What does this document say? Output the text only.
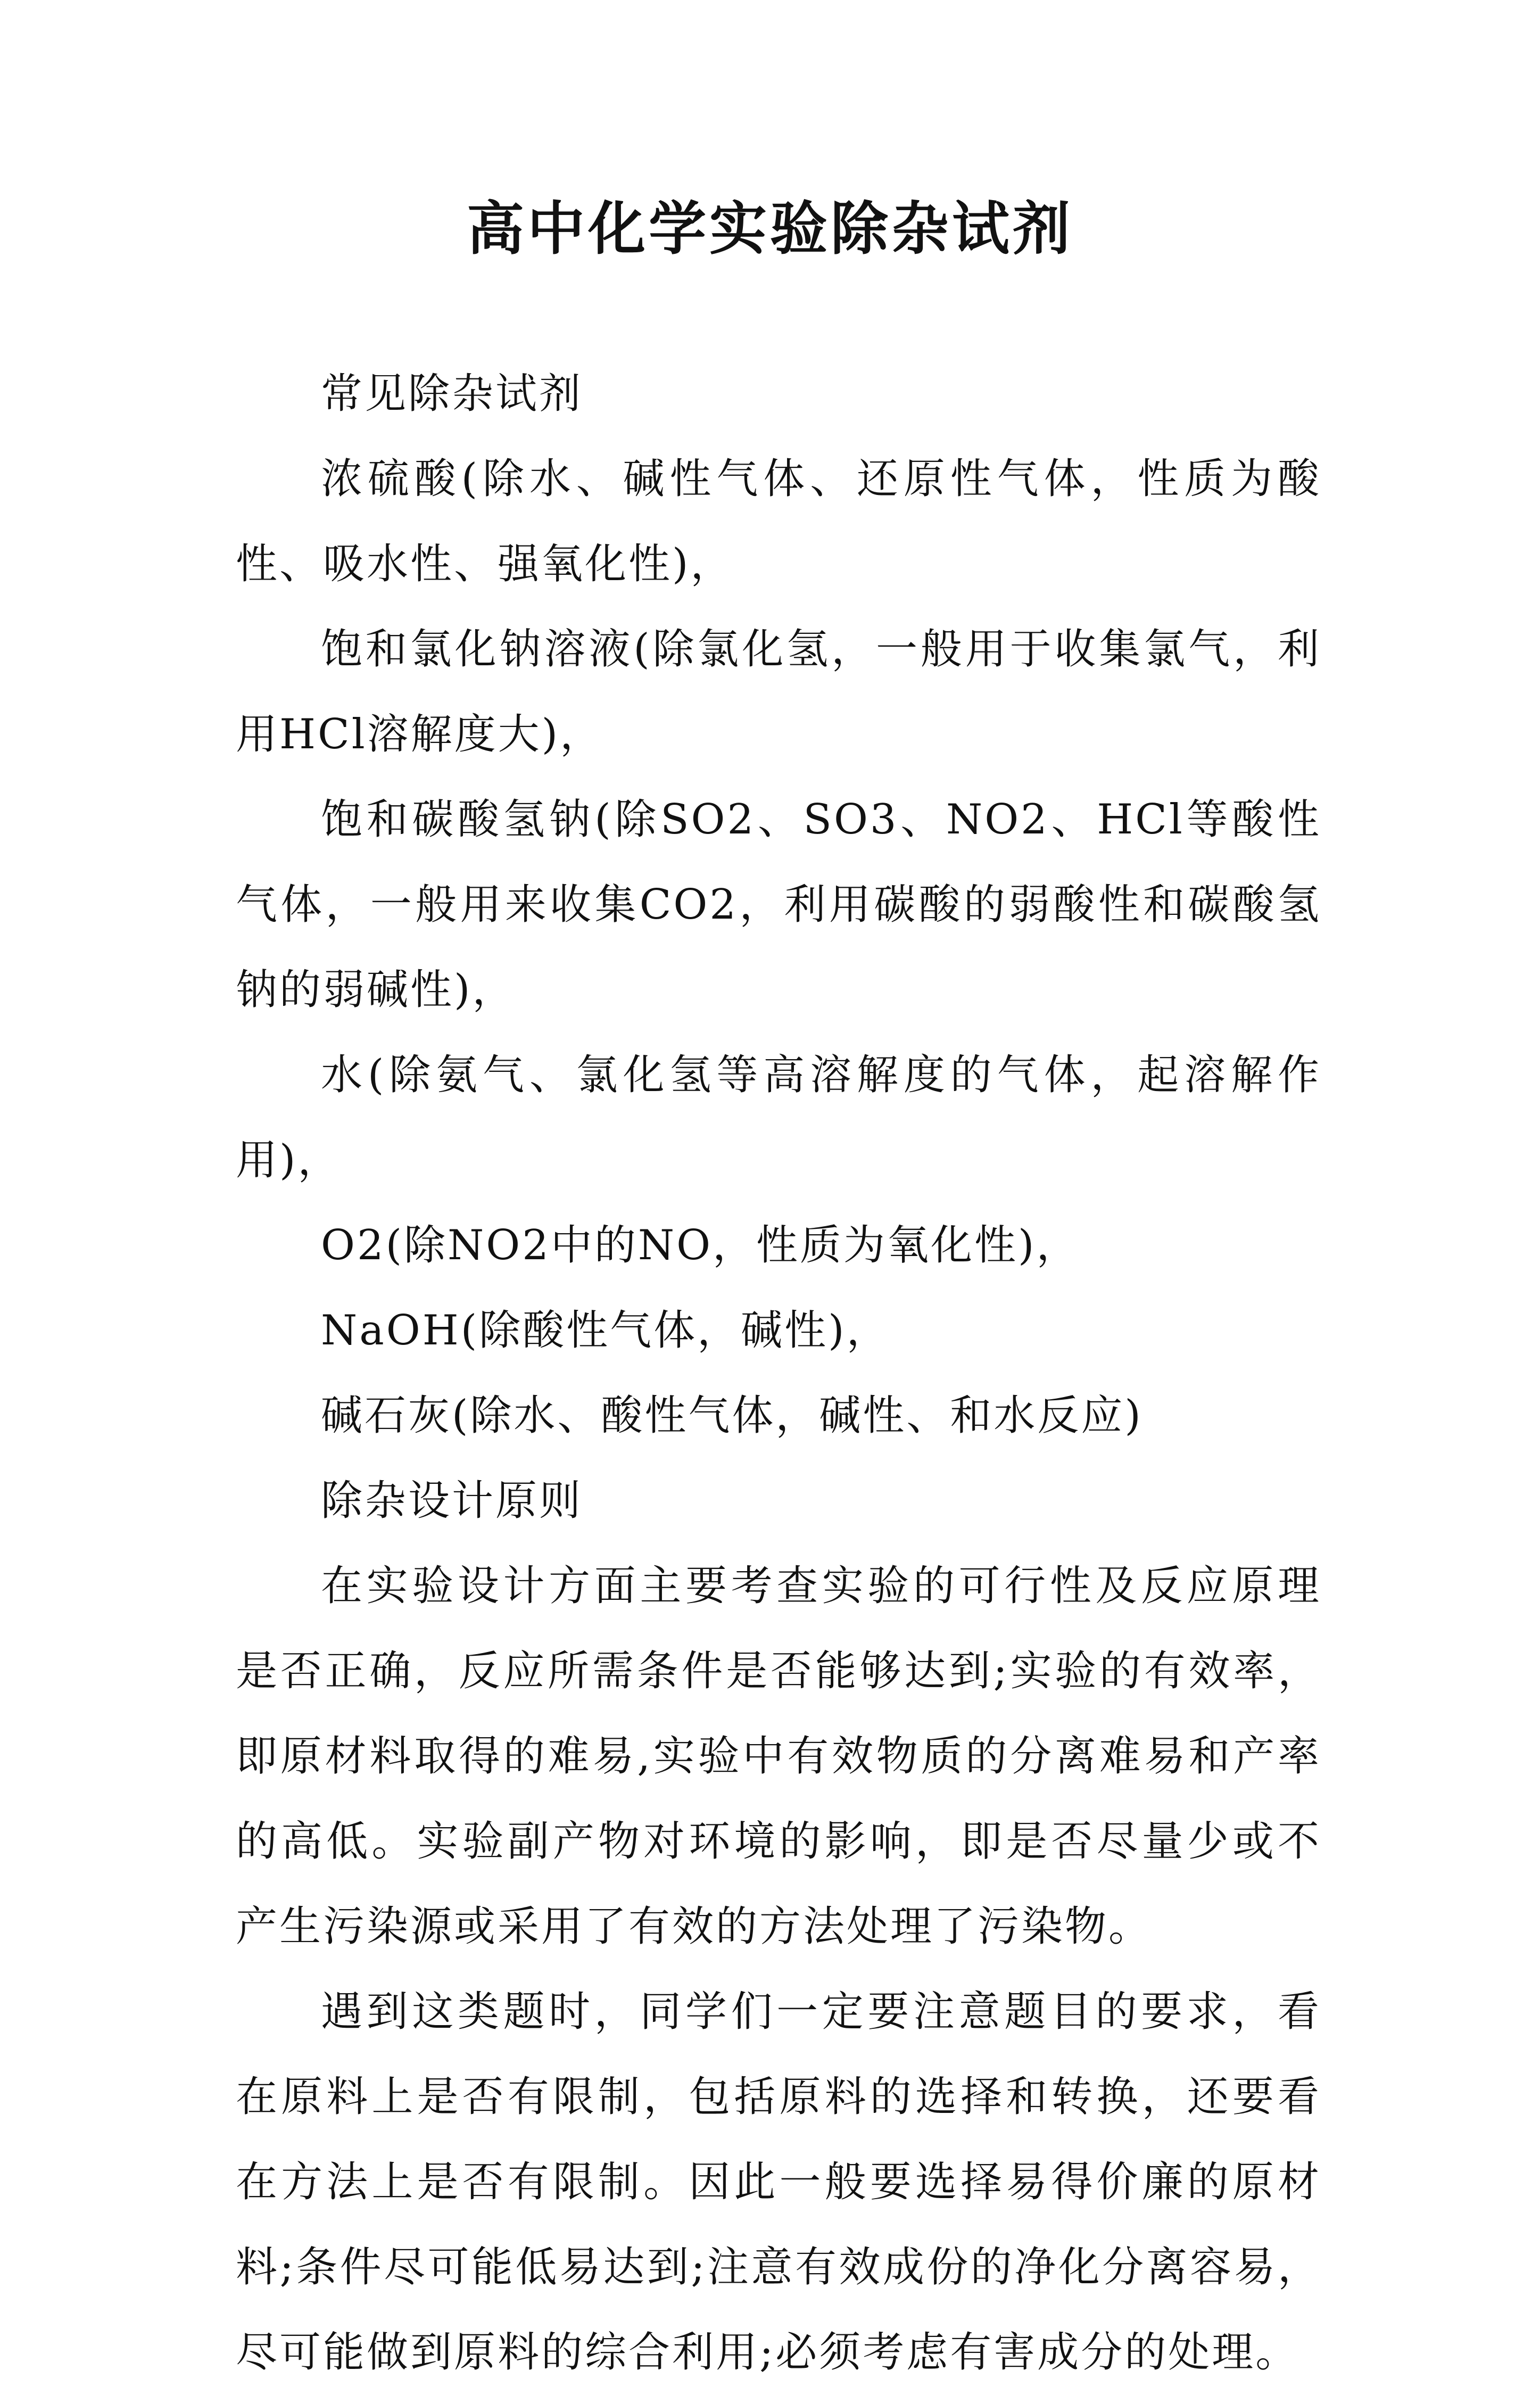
高中化学实验除杂试剂

常见除杂试剂

浓硫酸(除水、碱性气体、还原性气体，性质为酸性、吸水性、强氧化性)，

饱和氯化钠溶液(除氯化氢，一般用于收集氯气，利用HCl溶解度大)，

饱和碳酸氢钠(除SO2、SO3、NO2、HCl等酸性气体，一般用来收集CO2，利用碳酸的弱酸性和碳酸氢钠的弱碱性)，

水(除氨气、氯化氢等高溶解度的气体，起溶解作用)，

O2(除NO2中的NO，性质为氧化性)，

NaOH(除酸性气体，碱性)，

碱石灰(除水、酸性气体，碱性、和水反应)

除杂设计原则

在实验设计方面主要考查实验的可行性及反应原理是否正确，反应所需条件是否能够达到;实验的有效率，即原材料取得的难易,实验中有效物质的分离难易和产率的高低。实验副产物对环境的影响，即是否尽量少或不产生污染源或采用了有效的方法处理了污染物。

遇到这类题时，同学们一定要注意题目的要求，看在原料上是否有限制，包括原料的选择和转换，还要看在方法上是否有限制。因此一般要选择易得价廉的原材料;条件尽可能低易达到;注意有效成份的净化分离容易，尽可能做到原料的综合利用;必须考虑有害成分的处理。
